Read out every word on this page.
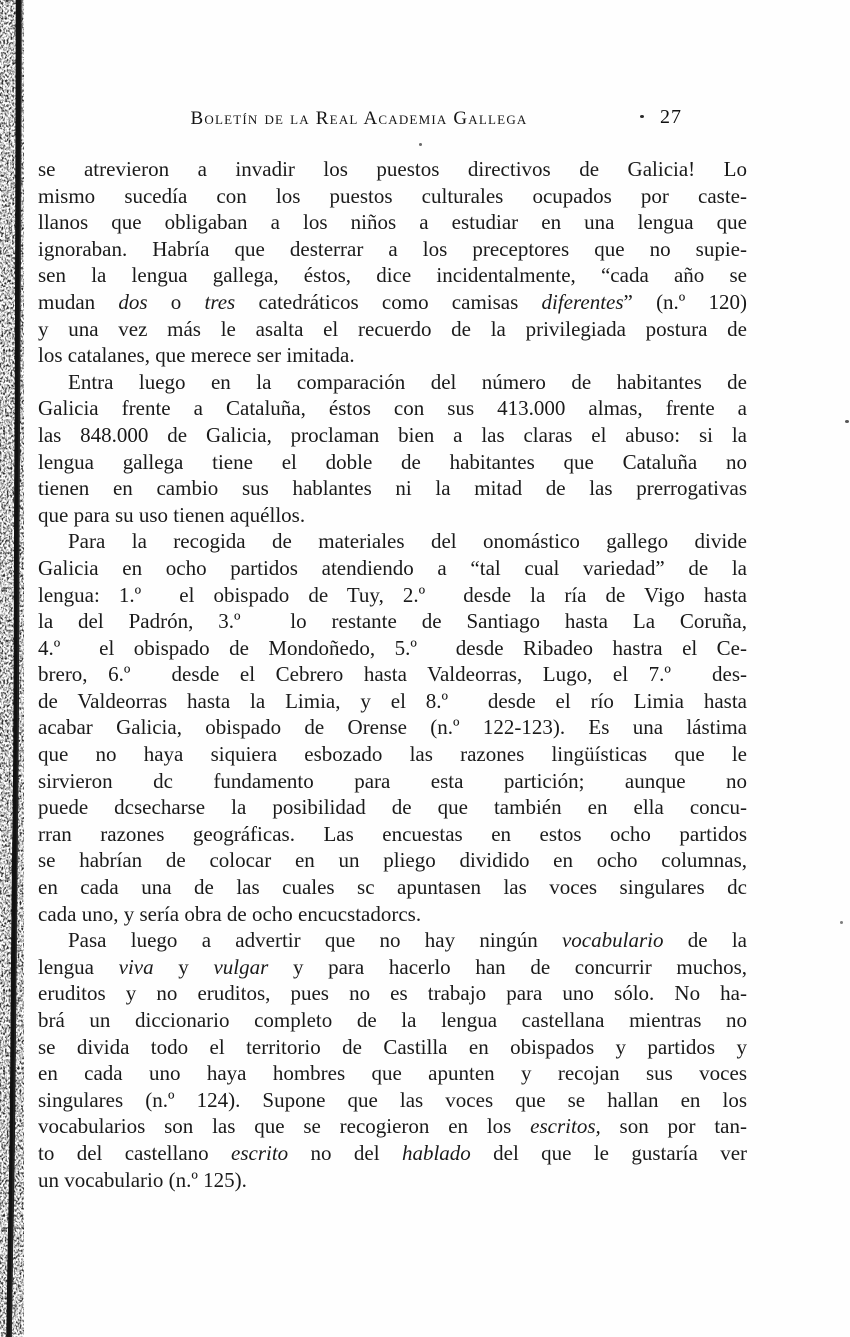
Boletín de la Real Academia Gallega	27
se atrevieron a invadir los puestos directivos de Galicia! Lo
mismo sucedía con los puestos culturales ocupados por caste-
llanos que obligaban a los niños a estudiar en una lengua que
ignoraban. Habría que desterrar a los preceptores que no supie-
sen la lengua gallega, éstos, dice incidentalmente, “cada año se
mudan dos o tres catedráticos como camisas diferentes” (n.º 120)
y una vez más le asalta el recuerdo de la privilegiada postura de
los catalanes, que merece ser imitada.
Entra luego en la comparación del número de habitantes de
Galicia frente a Cataluña, éstos con sus 413.000 almas, frente a
las 848.000 de Galicia, proclaman bien a las claras el abuso: si la
lengua gallega tiene el doble de habitantes que Cataluña no
tienen en cambio sus hablantes ni la mitad de las prerrogativas
que para su uso tienen aquéllos.
Para la recogida de materiales del onomástico gallego divide
Galicia en ocho partidos atendiendo a “tal cual variedad” de la
lengua: 1.º  el obispado de Tuy, 2.º  desde la ría de Vigo hasta
la del Padrón, 3.º  lo restante de Santiago hasta La Coruña,
4.º  el obispado de Mondoñedo, 5.º  desde Ribadeo hastra el Ce-
brero, 6.º  desde el Cebrero hasta Valdeorras, Lugo, el 7.º  des-
de Valdeorras hasta la Limia, y el 8.º  desde el río Limia hasta
acabar Galicia, obispado de Orense (n.º 122-123). Es una lástima
que no haya siquiera esbozado las razones lingüísticas que le
sirvieron dc fundamento para esta partición; aunque no
puede dcsecharse la posibilidad de que también en ella concu-
rran razones geográficas. Las encuestas en estos ocho partidos
se habrían de colocar en un pliego dividido en ocho columnas,
en cada una de las cuales sc apuntasen las voces singulares dc
cada uno, y sería obra de ocho encucstadorcs.
Pasa luego a advertir que no hay ningún vocabulario de la
lengua viva y vulgar y para hacerlo han de concurrir muchos,
eruditos y no eruditos, pues no es trabajo para uno sólo. No ha-
brá un diccionario completo de la lengua castellana mientras no
se divida todo el territorio de Castilla en obispados y partidos y
en cada uno haya hombres que apunten y recojan sus voces
singulares (n.º 124). Supone que las voces que se hallan en los
vocabularios son las que se recogieron en los escritos, son por tan-
to del castellano escrito no del hablado del que le gustaría ver
un vocabulario (n.º 125).
